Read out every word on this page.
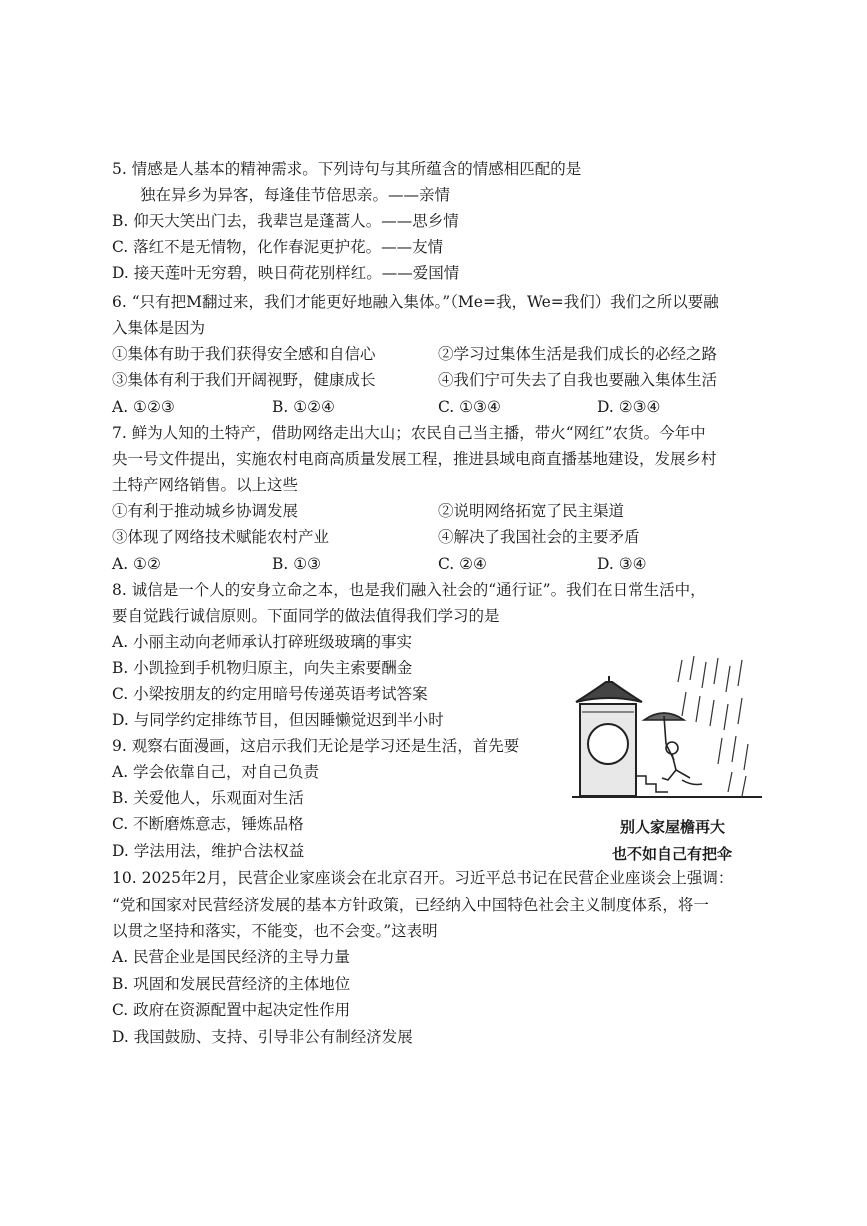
5. 情感是人基本的精神需求。下列诗句与其所蕴含的情感相匹配的是
独在异乡为异客，每逢佳节倍思亲。——亲情
B. 仰天大笑出门去，我辈岂是蓬蒿人。——思乡情
C. 落红不是无情物，化作春泥更护花。——友情
D. 接天莲叶无穷碧，映日荷花别样红。——爱国情
6. “只有把M翻过来，我们才能更好地融入集体。”（Me=我，We=我们）我们之所以要融
入集体是因为
①集体有助于我们获得安全感和自信心	②学习过集体生活是我们成长的必经之路
③集体有利于我们开阔视野，健康成长	④我们宁可失去了自我也要融入集体生活
A. ①②③	B. ①②④	C. ①③④	D. ②③④
7. 鲜为人知的土特产，借助网络走出大山；农民自己当主播，带火“网红”农货。今年中
央一号文件提出，实施农村电商高质量发展工程，推进县域电商直播基地建设，发展乡村
土特产网络销售。以上这些
①有利于推动城乡协调发展	②说明网络拓宽了民主渠道
③体现了网络技术赋能农村产业	④解决了我国社会的主要矛盾
A. ①②	B. ①③	C. ②④	D. ③④
8. 诚信是一个人的安身立命之本，也是我们融入社会的“通行证”。我们在日常生活中，
要自觉践行诚信原则。下面同学的做法值得我们学习的是
A. 小丽主动向老师承认打碎班级玻璃的事实
B. 小凯捡到手机物归原主，向失主索要酬金
C. 小梁按朋友的约定用暗号传递英语考试答案
D. 与同学约定排练节目，但因睡懒觉迟到半小时
9. 观察右面漫画，这启示我们无论是学习还是生活，首先要
A. 学会依靠自己，对自己负责
B. 关爱他人，乐观面对生活
C. 不断磨炼意志，锤炼品格
D. 学法用法，维护合法权益
别人家屋檐再大
也不如自己有把伞
10. 2025年2月，民营企业家座谈会在北京召开。习近平总书记在民营企业座谈会上强调：
“党和国家对民营经济发展的基本方针政策，已经纳入中国特色社会主义制度体系，将一
以贯之坚持和落实，不能变，也不会变。”这表明
A. 民营企业是国民经济的主导力量
B. 巩固和发展民营经济的主体地位
C. 政府在资源配置中起决定性作用
D. 我国鼓励、支持、引导非公有制经济发展
